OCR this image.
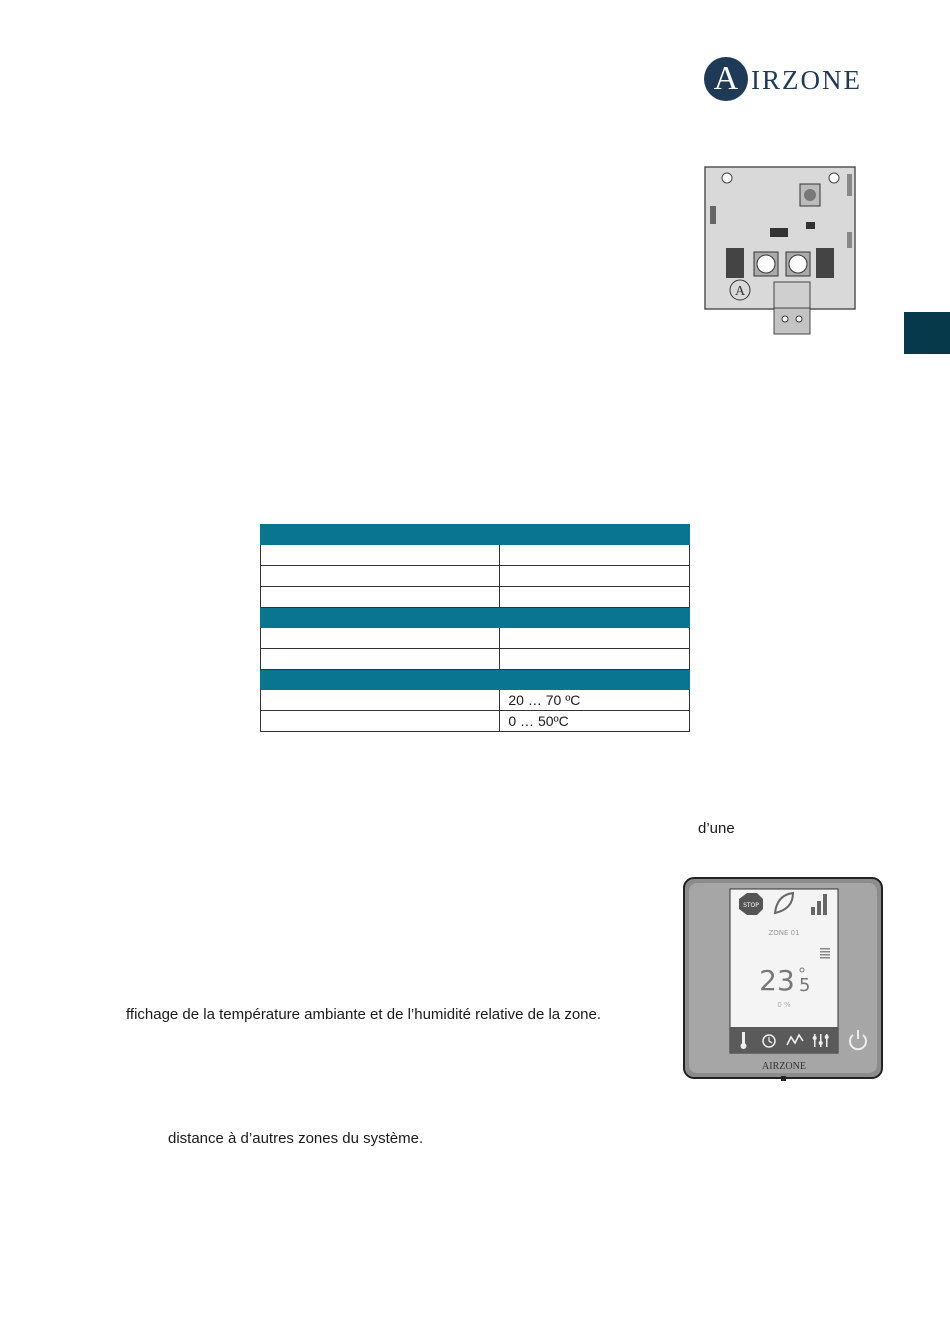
A IRZONE
A

	20 … 70 ºC
	0 … 50ºC
d’une
ffichage de la température ambiante et de l’humidité relative de la zone.
distance à d’autres zones du système.
STOP
ZONE 01
23 5
0 %
AIRZONE
